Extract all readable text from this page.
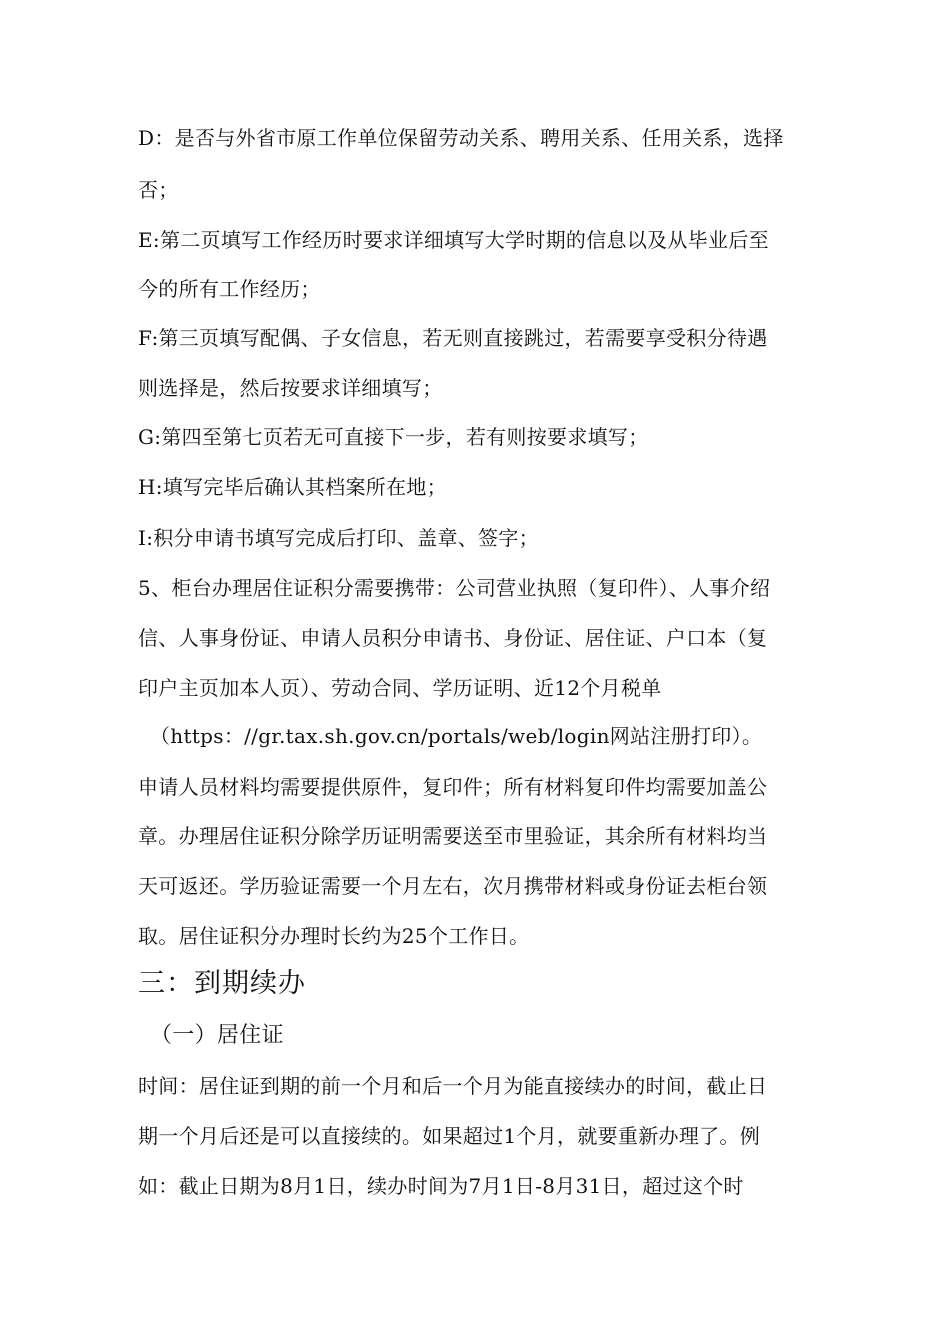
D：是否与外省市原工作单位保留劳动关系、聘用关系、任用关系，选择
否；
E:第二页填写工作经历时要求详细填写大学时期的信息以及从毕业后至
今的所有工作经历；
F:第三页填写配偶、子女信息，若无则直接跳过，若需要享受积分待遇
则选择是，然后按要求详细填写；
G:第四至第七页若无可直接下一步，若有则按要求填写；
H:填写完毕后确认其档案所在地；
I:积分申请书填写完成后打印、盖章、签字；
5、柜台办理居住证积分需要携带：公司营业执照（复印件）、人事介绍
信、人事身份证、申请人员积分申请书、身份证、居住证、户口本（复
印户主页加本人页）、劳动合同、学历证明、近12个月税单
（https：//gr.tax.sh.gov.cn/portals/web/login网站注册打印）。
申请人员材料均需要提供原件，复印件；所有材料复印件均需要加盖公
章。办理居住证积分除学历证明需要送至市里验证，其余所有材料均当
天可返还。学历验证需要一个月左右，次月携带材料或身份证去柜台领
取。居住证积分办理时长约为25个工作日。
三：到期续办
（一）居住证
时间：居住证到期的前一个月和后一个月为能直接续办的时间，截止日
期一个月后还是可以直接续的。如果超过1个月，就要重新办理了。例
如：截止日期为8月1日，续办时间为7月1日-8月31日，超过这个时
